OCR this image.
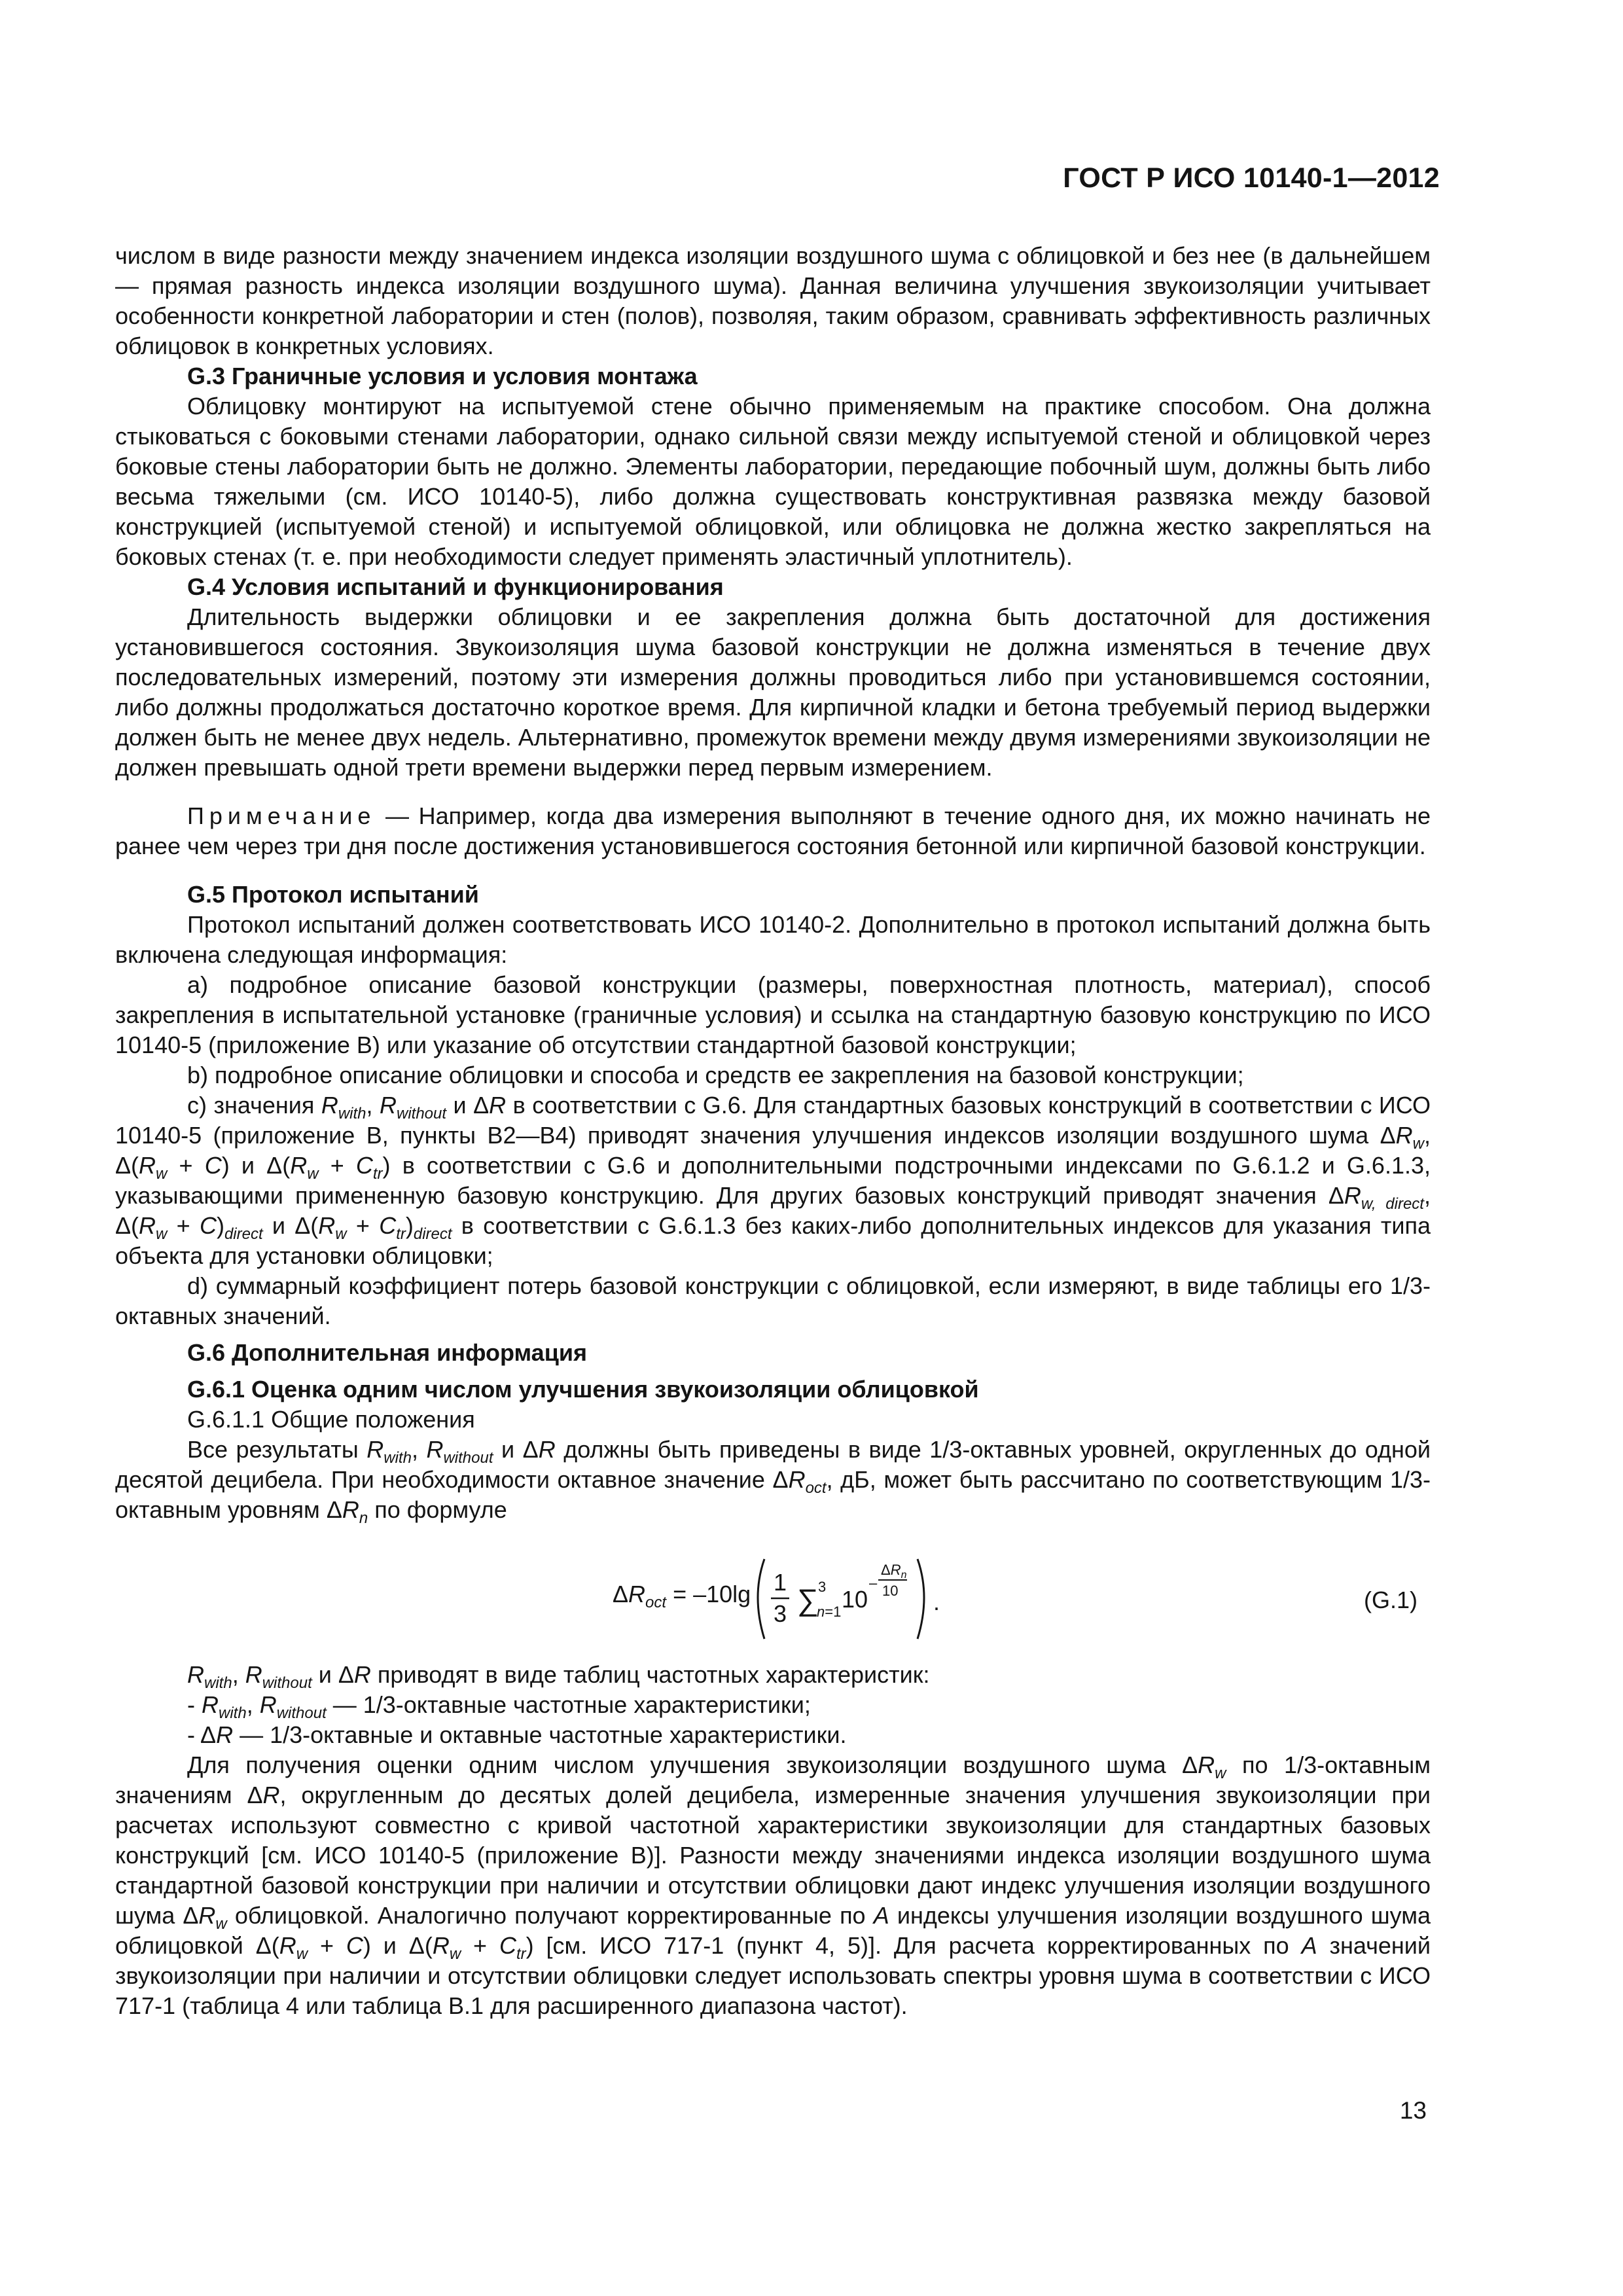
ГОСТ Р ИСО 10140-1—2012

числом в виде разности между значением индекса изоляции воздушного шума с облицовкой и без нее (в дальнейшем — прямая разность индекса изоляции воздушного шума). Данная величина улучшения звукоизоляции учитывает особенности конкретной лаборатории и стен (полов), позволяя, таким образом, сравнивать эффективность различных облицовок в конкретных условиях.

G.3 Граничные условия и условия монтажа

Облицовку монтируют на испытуемой стене обычно применяемым на практике способом. Она должна стыковаться с боковыми стенами лаборатории, однако сильной связи между испытуемой стеной и облицовкой через боковые стены лаборатории быть не должно. Элементы лаборатории, передающие побочный шум, должны быть либо весьма тяжелыми (см. ИСО 10140-5), либо должна существовать конструктивная развязка между базовой конструкцией (испытуемой стеной) и испытуемой облицовкой, или облицовка не должна жестко закрепляться на боковых стенах (т. е. при необходимости следует применять эластичный уплотнитель).

G.4 Условия испытаний и функционирования

Длительность выдержки облицовки и ее закрепления должна быть достаточной для достижения установившегося состояния. Звукоизоляция шума базовой конструкции не должна изменяться в течение двух последовательных измерений, поэтому эти измерения должны проводиться либо при установившемся состоянии, либо должны продолжаться достаточно короткое время. Для кирпичной кладки и бетона требуемый период выдержки должен быть не менее двух недель. Альтернативно, промежуток времени между двумя измерениями звукоизоляции не должен превышать одной трети времени выдержки перед первым измерением.

Примечание — Например, когда два измерения выполняют в течение одного дня, их можно начинать не ранее чем через три дня после достижения установившегося состояния бетонной или кирпичной базовой конструкции.

G.5 Протокол испытаний

Протокол испытаний должен соответствовать ИСО 10140-2. Дополнительно в протокол испытаний должна быть включена следующая информация:

a) подробное описание базовой конструкции (размеры, поверхностная плотность, материал), способ закрепления в испытательной установке (граничные условия) и ссылка на стандартную базовую конструкцию по ИСО 10140-5 (приложение В) или указание об отсутствии стандартной базовой конструкции;

b) подробное описание облицовки и способа и средств ее закрепления на базовой конструкции;

c) значения $R_{with}$, $R_{without}$ и ΔR в соответствии с G.6. Для стандартных базовых конструкций в соответствии с ИСО 10140-5 (приложение В, пункты В2—В4) приводят значения улучшения индексов изоляции воздушного шума $\Delta R_w$, $\Delta(R_w + C)$ и $\Delta(R_w + C_{tr})$ в соответствии с G.6 и дополнительными подстрочными индексами по G.6.1.2 и G.6.1.3, указывающими примененную базовую конструкцию. Для других базовых конструкций приводят значения $\Delta R_{w, direct}$, $\Delta(R_w + C)_{direct}$ и $\Delta(R_w + C_{tr})_{direct}$ в соответствии с G.6.1.3 без каких-либо дополнительных индексов для указания типа объекта для установки облицовки;

d) суммарный коэффициент потерь базовой конструкции с облицовкой, если измеряют, в виде таблицы его 1/3-октавных значений.

G.6 Дополнительная информация

G.6.1 Оценка одним числом улучшения звукоизоляции облицовкой

G.6.1.1 Общие положения

Все результаты $R_{with}$, $R_{without}$ и ΔR должны быть приведены в виде 1/3-октавных уровней, округленных до одной десятой децибела. При необходимости октавное значение $\Delta R_{oct}$, дБ, может быть рассчитано по соответствующим 1/3-октавным уровням $\Delta R_n$ по формуле

$\Delta R_{oct} = -10\lg$ 1
3 ∑ 3
n=1 10
–
$\Delta R_n$
10 .	(G.1)

$R_{with}$, $R_{without}$ и ΔR приводят в виде таблиц частотных характеристик:

- $R_{with}$, $R_{without}$ — 1/3-октавные частотные характеристики;

- ΔR — 1/3-октавные и октавные частотные характеристики.

Для получения оценки одним числом улучшения звукоизоляции воздушного шума $\Delta R_w$ по 1/3-октавным значениям ΔR, округленным до десятых долей децибела, измеренные значения улучшения звукоизоляции при расчетах используют совместно с кривой частотной характеристики звукоизоляции для стандартных базовых конструкций [см. ИСО 10140-5 (приложение В)]. Разности между значениями индекса изоляции воздушного шума стандартной базовой конструкции при наличии и отсутствии облицовки дают индекс улучшения изоляции воздушного шума $\Delta R_w$ облицовкой. Аналогично получают корректированные по A индексы улучшения изоляции воздушного шума облицовкой $\Delta(R_w + C)$ и $\Delta(R_w + C_{tr})$ [см. ИСО 717-1 (пункт 4, 5)]. Для расчета корректированных по A значений звукоизоляции при наличии и отсутствии облицовки следует использовать спектры уровня шума в соответствии с ИСО 717-1 (таблица 4 или таблица В.1 для расширенного диапазона частот).

13
